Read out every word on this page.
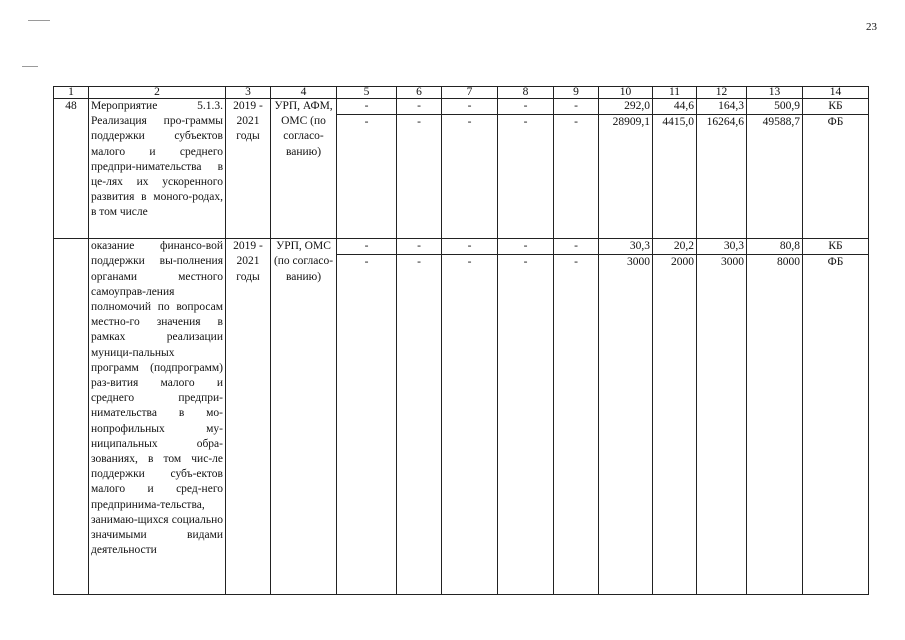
23
1	2	3	4	5	6	7	8	9	10	11	12	13	14
48	Мероприятие 5.1.3. Реализация про-граммы поддержки субъектов малого и среднего предпри-нимательства в це-лях их ускоренного развития в моного-родах, в том числе	2019 - 2021 годы	УРП, АФМ, ОМС (по согласо-ванию)	-	-	-	-	-	292,0	44,6	164,3	500,9	КБ
				-	-	-	-	-	28909,1	4415,0	16264,6	49588,7	ФБ
	оказание финансо-вой поддержки вы-полнения органами местного самоуправ-ления полномочий по вопросам местно-го значения в рамках реализации муници-пальных программ (подпрограмм) раз-вития малого и среднего предпри-нимательства в мо-нопрофильных му-ниципальных обра-зованиях, в том чис-ле поддержки субъ-ектов малого и сред-него предпринима-тельства, занимаю-щихся социально значимыми видами деятельности	2019 - 2021 годы	УРП, ОМС (по согласо-ванию)	-	-	-	-	-	30,3	20,2	30,3	80,8	КБ
				-	-	-	-	-	3000	2000	3000	8000	ФБ
